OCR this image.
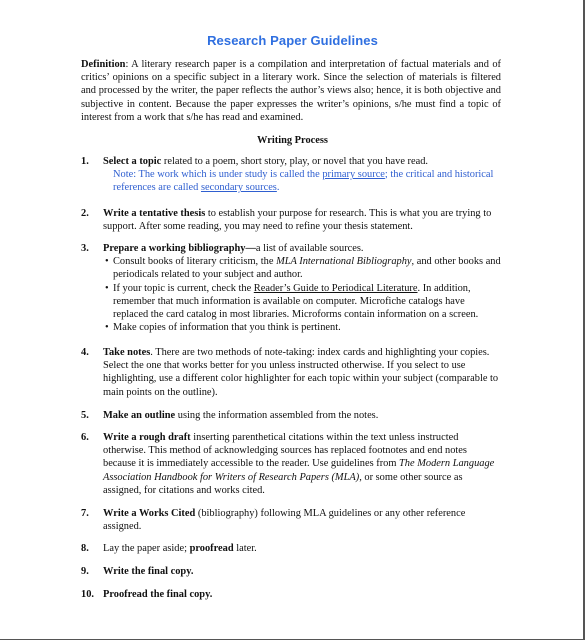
Research Paper Guidelines
Definition: A literary research paper is a compilation and interpretation of factual materials and of critics’ opinions on a specific subject in a literary work. Since the selection of materials is filtered and processed by the writer, the paper reflects the author’s views also; hence, it is both objective and subjective in content. Because the paper expresses the writer’s opinions, s/he must find a topic of interest from a work that s/he has read and examined.
Writing Process
1.	Select a topic related to a poem, short story, play, or novel that you have read.
Note: The work which is under study is called the primary source; the critical and historical references are called secondary sources.
2.	Write a tentative thesis to establish your purpose for research. This is what you are trying to support. After some reading, you may need to refine your thesis statement.
3.	Prepare a working bibliography—a list of available sources.
• Consult books of literary criticism, the MLA International Bibliography, and other books and periodicals related to your subject and author.
• If your topic is current, check the Reader’s Guide to Periodical Literature. In addition, remember that much information is available on computer. Microfiche catalogs have replaced the card catalog in most libraries. Microforms contain information on a screen.
• Make copies of information that you think is pertinent.
4.	Take notes. There are two methods of note-taking: index cards and highlighting your copies. Select the one that works better for you unless instructed otherwise. If you select to use highlighting, use a different color highlighter for each topic within your subject (comparable to main points on the outline).
5.	Make an outline using the information assembled from the notes.
6.	Write a rough draft inserting parenthetical citations within the text unless instructed otherwise. This method of acknowledging sources has replaced footnotes and end notes because it is immediately accessible to the reader. Use guidelines from The Modern Language Association Handbook for Writers of Research Papers (MLA), or some other source as assigned, for citations and works cited.
7.	Write a Works Cited (bibliography) following MLA guidelines or any other reference assigned.
8.	Lay the paper aside; proofread later.
9.	Write the final copy.
10. Proofread the final copy.
